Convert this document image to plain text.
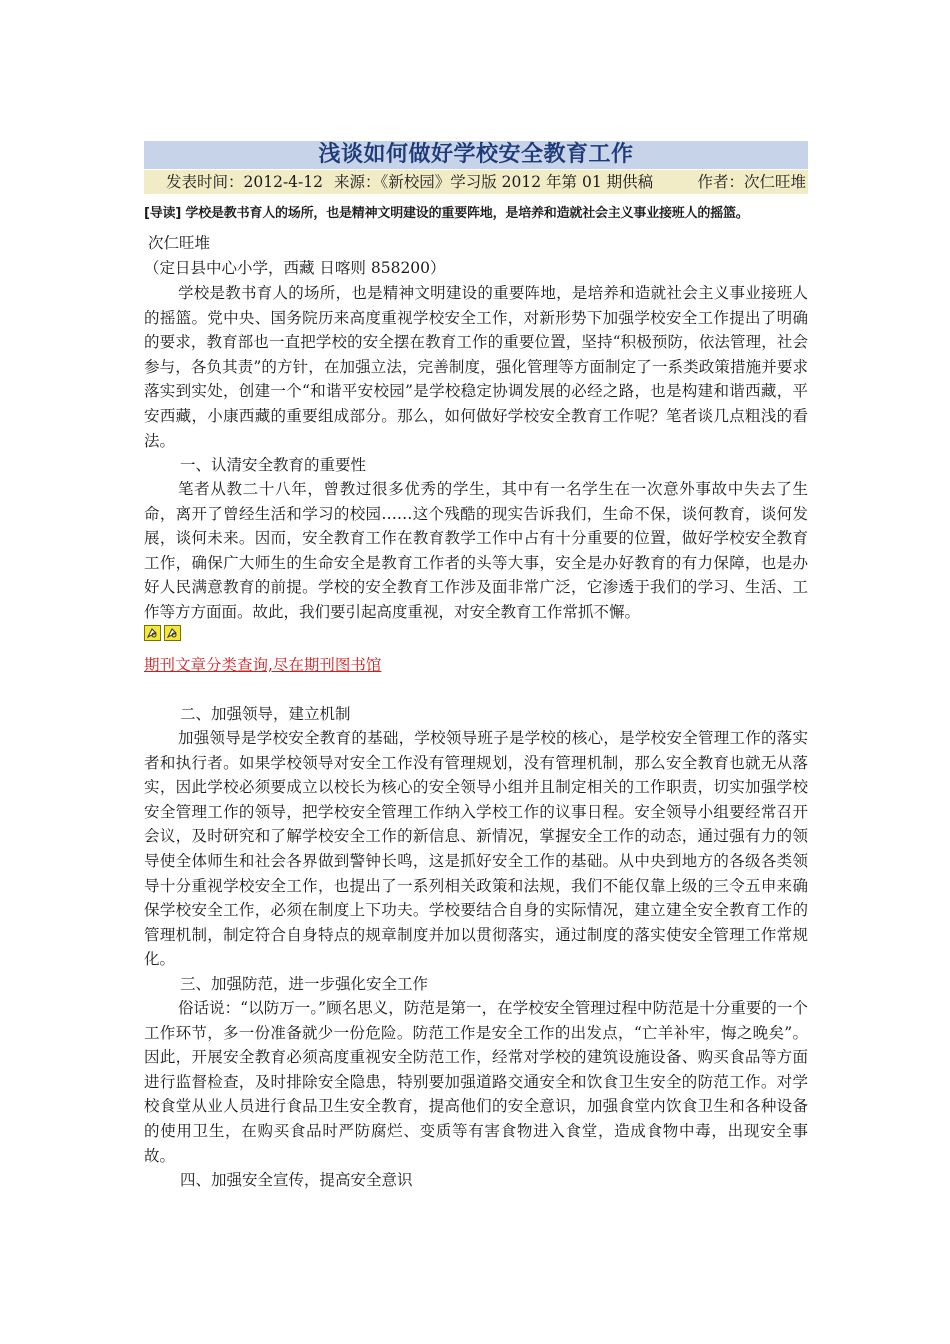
浅谈如何做好学校安全教育工作
发表时间：2012-4-12 来源：《新校园》学习版 2012 年第 01 期供稿	作者：次仁旺堆
[导读] 学校是教书育人的场所，也是精神文明建设的重要阵地，是培养和造就社会主义事业接班人的摇篮。
次仁旺堆
（定日县中心小学，西藏 日喀则 858200）

学校是教书育人的场所，也是精神文明建设的重要阵地，是培养和造就社会主义事业接班人的摇篮。党中央、国务院历来高度重视学校安全工作，对新形势下加强学校安全工作提出了明确的要求，教育部也一直把学校的安全摆在教育工作的重要位置，坚持“积极预防，依法管理，社会参与，各负其责”的方针，在加强立法，完善制度，强化管理等方面制定了一系类政策措施并要求落实到实处，创建一个“和谐平安校园”是学校稳定协调发展的必经之路，也是构建和谐西藏，平安西藏，小康西藏的重要组成部分。那么，如何做好学校安全教育工作呢？笔者谈几点粗浅的看法。

一、认清安全教育的重要性

笔者从教二十八年，曾教过很多优秀的学生，其中有一名学生在一次意外事故中失去了生命，离开了曾经生活和学习的校园……这个残酷的现实告诉我们，生命不保，谈何教育，谈何发展，谈何未来。因而，安全教育工作在教育教学工作中占有十分重要的位置，做好学校安全教育工作，确保广大师生的生命安全是教育工作者的头等大事，安全是办好教育的有力保障，也是办好人民满意教育的前提。学校的安全教育工作涉及面非常广泛，它渗透于我们的学习、生活、工作等方方面面。故此，我们要引起高度重视，对安全教育工作常抓不懈。

期刊文章分类查询,尽在期刊图书馆
二、加强领导，建立机制

加强领导是学校安全教育的基础，学校领导班子是学校的核心，是学校安全管理工作的落实者和执行者。如果学校领导对安全工作没有管理规划，没有管理机制，那么安全教育也就无从落实，因此学校必须要成立以校长为核心的安全领导小组并且制定相关的工作职责，切实加强学校安全管理工作的领导，把学校安全管理工作纳入学校工作的议事日程。安全领导小组要经常召开会议，及时研究和了解学校安全工作的新信息、新情况，掌握安全工作的动态，通过强有力的领导使全体师生和社会各界做到警钟长鸣，这是抓好安全工作的基础。从中央到地方的各级各类领导十分重视学校安全工作，也提出了一系列相关政策和法规，我们不能仅靠上级的三令五申来确保学校安全工作，必须在制度上下功夫。学校要结合自身的实际情况，建立建全安全教育工作的管理机制，制定符合自身特点的规章制度并加以贯彻落实，通过制度的落实使安全管理工作常规化。

三、加强防范，进一步强化安全工作

俗话说：“以防万一。”顾名思义，防范是第一，在学校安全管理过程中防范是十分重要的一个工作环节，多一份准备就少一份危险。防范工作是安全工作的出发点，“亡羊补牢，悔之晚矣”。因此，开展安全教育必须高度重视安全防范工作，经常对学校的建筑设施设备、购买食品等方面进行监督检查，及时排除安全隐患，特别要加强道路交通安全和饮食卫生安全的防范工作。对学校食堂从业人员进行食品卫生安全教育，提高他们的安全意识，加强食堂内饮食卫生和各种设备的使用卫生，在购买食品时严防腐烂、变质等有害食物进入食堂，造成食物中毒，出现安全事故。

四、加强安全宣传，提高安全意识
